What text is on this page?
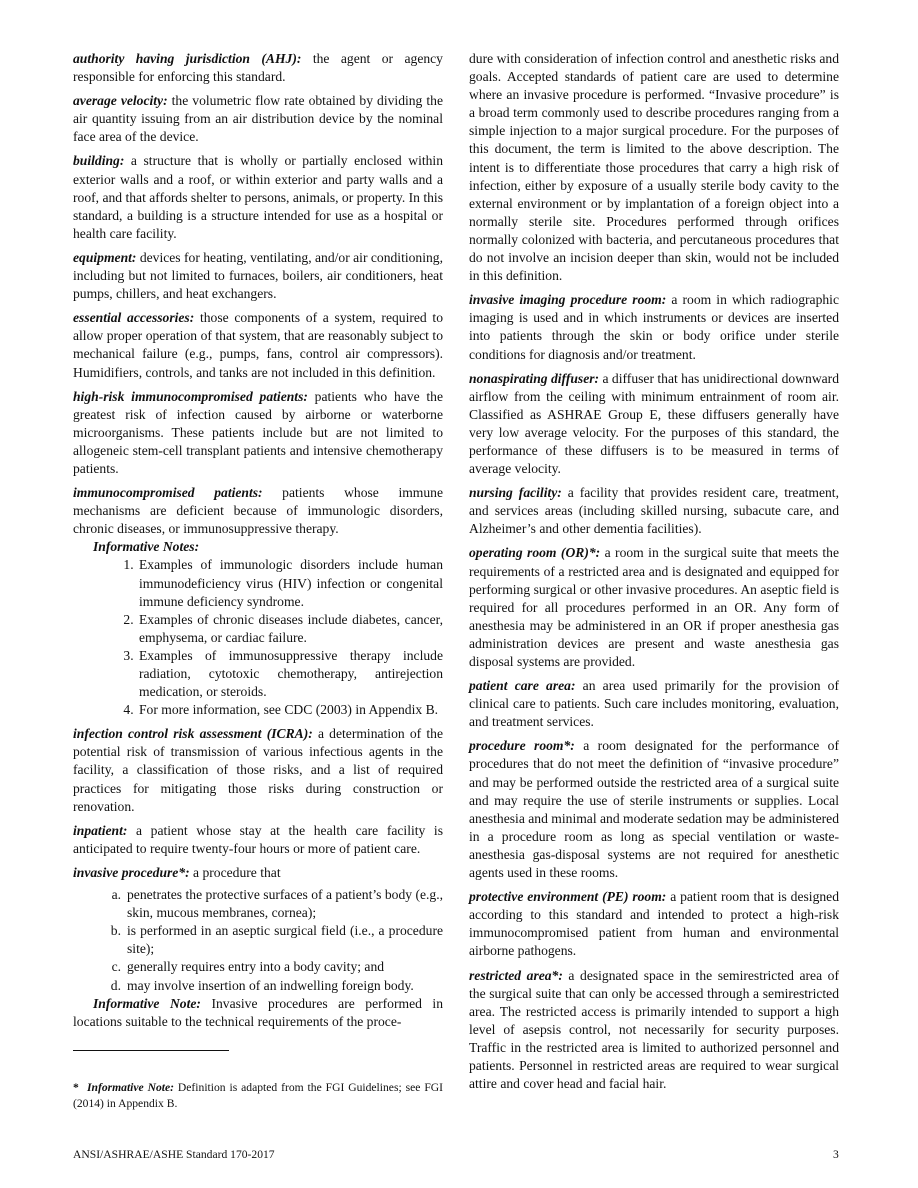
authority having jurisdiction (AHJ): the agent or agency responsible for enforcing this standard.

average velocity: the volumetric flow rate obtained by dividing the air quantity issuing from an air distribution device by the nominal face area of the device.

building: a structure that is wholly or partially enclosed within exterior walls and a roof, or within exterior and party walls and a roof, and that affords shelter to persons, animals, or property. In this standard, a building is a structure intended for use as a hospital or health care facility.

equipment: devices for heating, ventilating, and/or air conditioning, including but not limited to furnaces, boilers, air conditioners, heat pumps, chillers, and heat exchangers.

essential accessories: those components of a system, required to allow proper operation of that system, that are reasonably subject to mechanical failure (e.g., pumps, fans, control air compressors). Humidifiers, controls, and tanks are not included in this definition.

high-risk immunocompromised patients: patients who have the greatest risk of infection caused by airborne or waterborne microorganisms. These patients include but are not limited to allogeneic stem-cell transplant patients and intensive chemotherapy patients.

immunocompromised patients: patients whose immune mechanisms are deficient because of immunologic disorders, chronic diseases, or immunosuppressive therapy.

Informative Notes:
1. Examples of immunologic disorders include human immunodeficiency virus (HIV) infection or congenital immune deficiency syndrome.
2. Examples of chronic diseases include diabetes, cancer, emphysema, or cardiac failure.
3. Examples of immunosuppressive therapy include radiation, cytotoxic chemotherapy, antirejection medication, or steroids.
4. For more information, see CDC (2003) in Appendix B.

infection control risk assessment (ICRA): a determination of the potential risk of transmission of various infectious agents in the facility, a classification of those risks, and a list of required practices for mitigating those risks during construction or renovation.

inpatient: a patient whose stay at the health care facility is anticipated to require twenty-four hours or more of patient care.

invasive procedure*: a procedure that

a. penetrates the protective surfaces of a patient’s body (e.g., skin, mucous membranes, cornea);
b. is performed in an aseptic surgical field (i.e., a procedure site);
c. generally requires entry into a body cavity; and
d. may involve insertion of an indwelling foreign body.

Informative Note: Invasive procedures are performed in locations suitable to the technical requirements of the proce-

* Informative Note: Definition is adapted from the FGI Guidelines; see FGI (2014) in Appendix B.

dure with consideration of infection control and anesthetic risks and goals. Accepted standards of patient care are used to determine where an invasive procedure is performed. “Invasive procedure” is a broad term commonly used to describe procedures ranging from a simple injection to a major surgical procedure. For the purposes of this document, the term is limited to the above description. The intent is to differentiate those procedures that carry a high risk of infection, either by exposure of a usually sterile body cavity to the external environment or by implantation of a foreign object into a normally sterile site. Procedures performed through orifices normally colonized with bacteria, and percutaneous procedures that do not involve an incision deeper than skin, would not be included in this definition.

invasive imaging procedure room: a room in which radiographic imaging is used and in which instruments or devices are inserted into patients through the skin or body orifice under sterile conditions for diagnosis and/or treatment.

nonaspirating diffuser: a diffuser that has unidirectional downward airflow from the ceiling with minimum entrainment of room air. Classified as ASHRAE Group E, these diffusers generally have very low average velocity. For the purposes of this standard, the performance of these diffusers is to be measured in terms of average velocity.

nursing facility: a facility that provides resident care, treatment, and services areas (including skilled nursing, subacute care, and Alzheimer’s and other dementia facilities).

operating room (OR)*: a room in the surgical suite that meets the requirements of a restricted area and is designated and equipped for performing surgical or other invasive procedures. An aseptic field is required for all procedures performed in an OR. Any form of anesthesia may be administered in an OR if proper anesthesia gas administration devices are present and waste anesthesia gas disposal systems are provided.

patient care area: an area used primarily for the provision of clinical care to patients. Such care includes monitoring, evaluation, and treatment services.

procedure room*: a room designated for the performance of procedures that do not meet the definition of “invasive procedure” and may be performed outside the restricted area of a surgical suite and may require the use of sterile instruments or supplies. Local anesthesia and minimal and moderate sedation may be administered in a procedure room as long as special ventilation or waste-anesthesia gas-disposal systems are not required for anesthetic agents used in these rooms.

protective environment (PE) room: a patient room that is designed according to this standard and intended to protect a high-risk immunocompromised patient from human and environmental airborne pathogens.

restricted area*: a designated space in the semirestricted area of the surgical suite that can only be accessed through a semirestricted area. The restricted access is primarily intended to support a high level of asepsis control, not necessarily for security purposes. Traffic in the restricted area is limited to authorized personnel and patients. Personnel in restricted areas are required to wear surgical attire and cover head and facial hair.

ANSI/ASHRAE/ASHE Standard 170-2017	3
